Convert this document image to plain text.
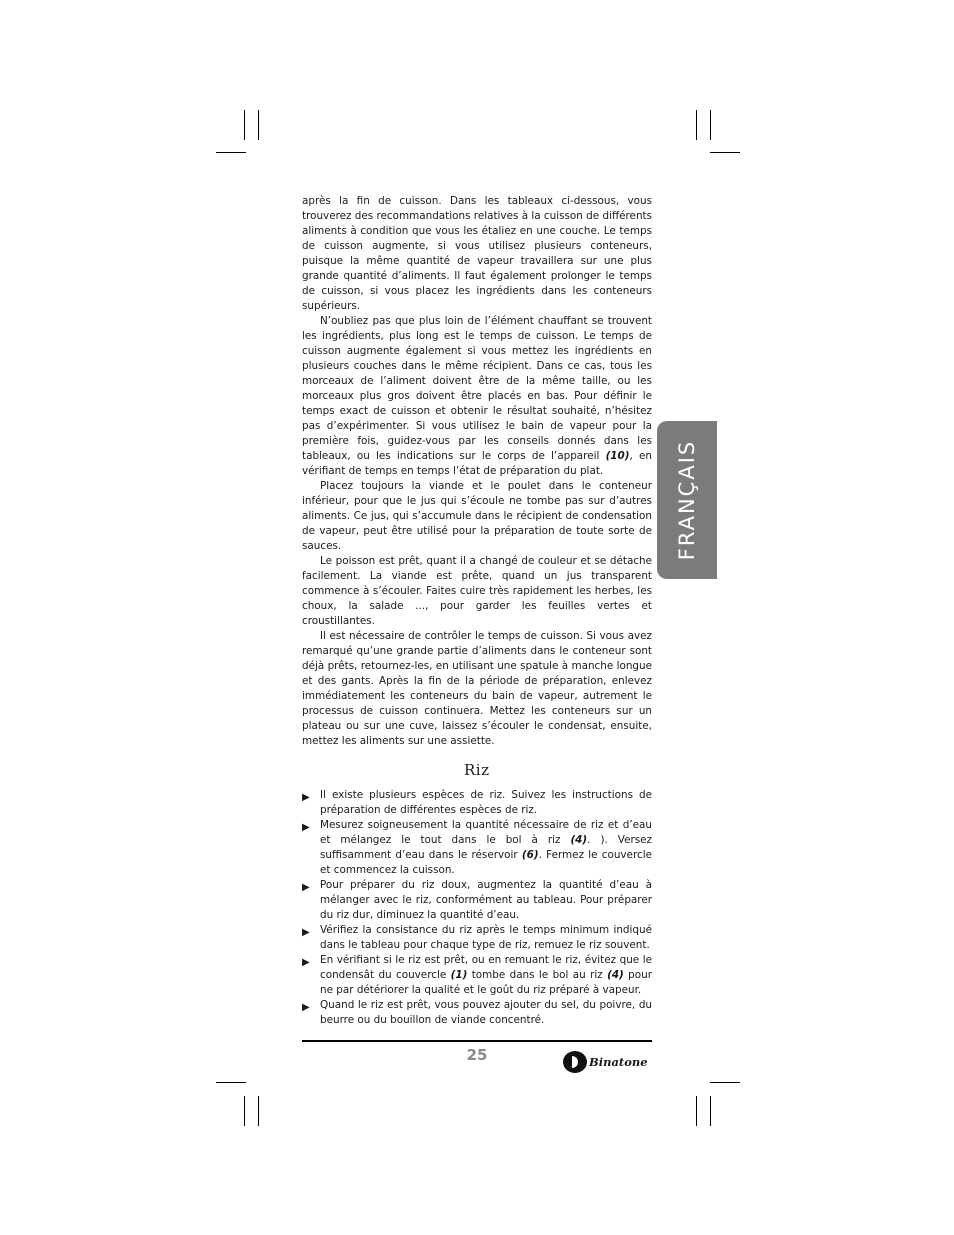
FRANÇAIS

après la fin de cuisson. Dans les tableaux ci-dessous, vous trouverez des recommandations relatives à la cuisson de différents aliments à condition que vous les étaliez en une couche. Le temps de cuisson augmente, si vous utilisez plusieurs conteneurs, puisque la même quantité de vapeur travaillera sur une plus grande quantité d’aliments. Il faut également prolonger le temps de cuisson, si vous placez les ingrédients dans les conteneurs supérieurs.

N’oubliez pas que plus loin de l’élément chauffant se trouvent les ingrédients, plus long est le temps de cuisson. Le temps de cuisson augmente également si vous mettez les ingrédients en plusieurs couches dans le même récipient. Dans ce cas, tous les morceaux de l’aliment doivent être de la même taille, ou les morceaux plus gros doivent être placés en bas. Pour définir le temps exact de cuisson et obtenir le résultat souhaité, n’hésitez pas d’expérimenter. Si vous utilisez le bain de vapeur pour la première fois, guidez-vous par les conseils donnés dans les tableaux, ou les indications sur le corps de l’appareil (10), en vérifiant de temps en temps l’état de préparation du plat.

Placez toujours la viande et le poulet dans le conteneur inférieur, pour que le jus qui s’écoule ne tombe pas sur d’autres aliments. Ce jus, qui s’accumule dans le récipient de condensation de vapeur, peut être utilisé pour la préparation de toute sorte de sauces.

Le poisson est prêt, quant il a changé de couleur et se détache facilement. La viande est prête, quand un jus transparent commence à s’écouler. Faites cuire très rapidement les herbes, les choux, la salade ..., pour garder les feuilles vertes et croustillantes.

Il est nécessaire de contrôler le temps de cuisson. Si vous avez remarqué qu’une grande partie d’aliments dans le conteneur sont déjà prêts, retournez-les, en utilisant une spatule à manche longue et des gants. Après la fin de la période de préparation, enlevez immédiatement les conteneurs du bain de vapeur, autrement le processus de cuisson continuera. Mettez les conteneurs sur un plateau ou sur une cuve, laissez s’écouler le condensat, ensuite, mettez les aliments sur une assiette.

Riz
▶ Il existe plusieurs espèces de riz. Suivez les instructions de préparation de différentes espèces de riz.
▶ Mesurez soigneusement la quantité nécessaire de riz et d’eau et mélangez le tout dans le bol à riz (4). ). Versez suffisamment d’eau dans le réservoir (6). Fermez le couvercle et commencez la cuisson.
▶ Pour préparer du riz doux, augmentez la quantité d’eau à mélanger avec le riz, conformément au tableau. Pour préparer du riz dur, diminuez la quantité d’eau.
▶ Vérifiez la consistance du riz après le temps minimum indiqué dans le tableau pour chaque type de riz, remuez le riz souvent.
▶ En vérifiant si le riz est prêt, ou en remuant le riz, évitez que le condensât du couvercle (1) tombe dans le bol au riz (4) pour ne par détériorer la qualité et le goût du riz préparé à vapeur.
▶ Quand le riz est prêt, vous pouvez ajouter du sel, du poivre, du beurre ou du bouillon de viande concentré.
25	Binatone
